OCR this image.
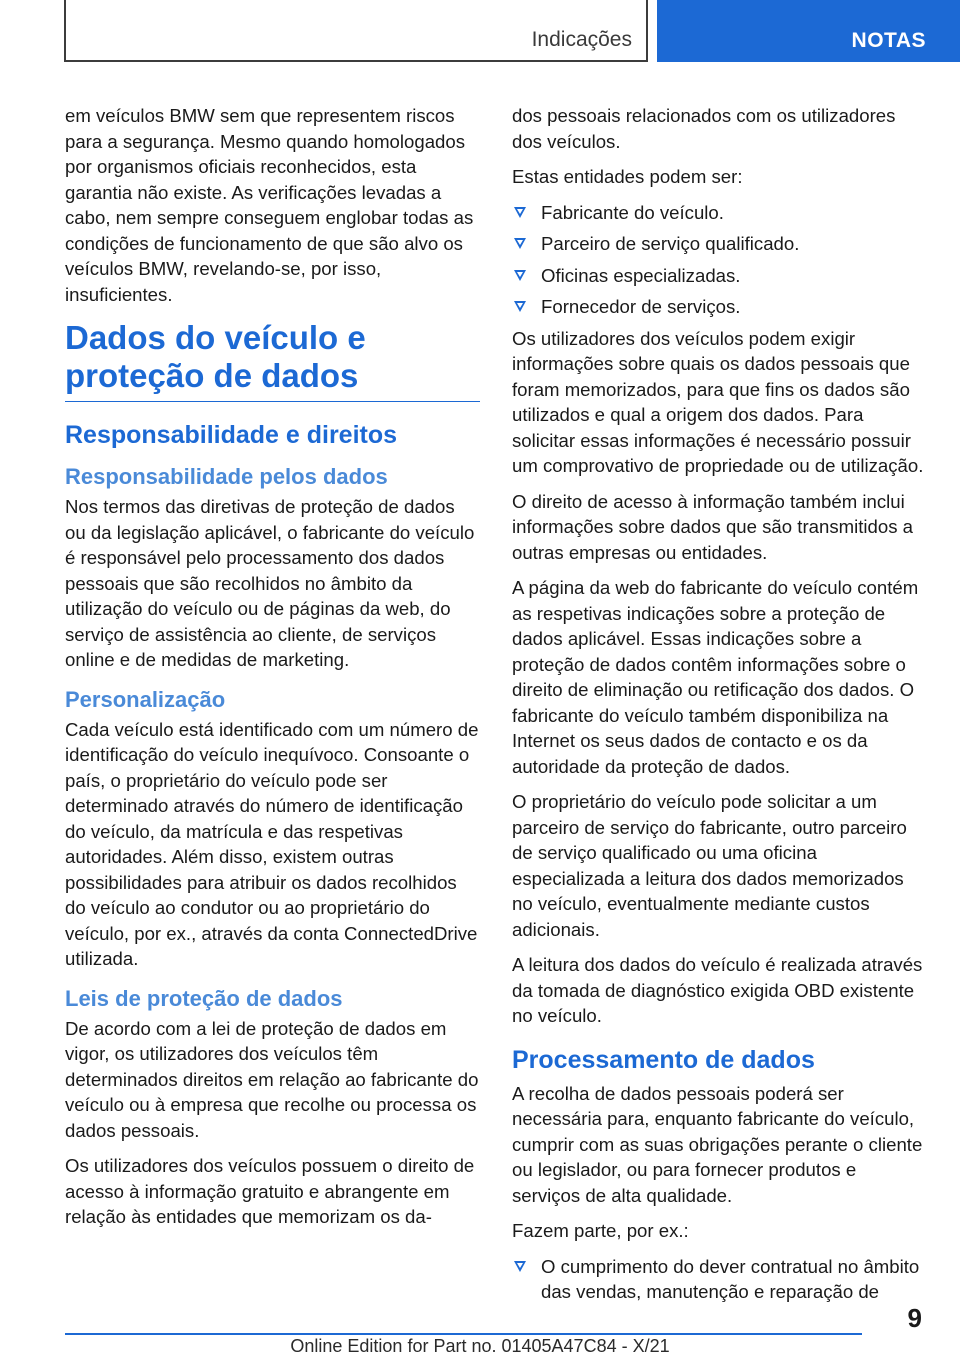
Indicações	NOTAS

em veículos BMW sem que representem riscos para a segurança. Mesmo quando homologados por organismos oficiais reconhecidos, esta garantia não existe. As verificações levadas a cabo, nem sempre conseguem englobar todas as condições de funcionamento de que são alvo os veículos BMW, revelando-se, por isso, insuficientes.

Dados do veículo e proteção de dados
Responsabilidade e direitos
Responsabilidade pelos dados

Nos termos das diretivas de proteção de dados ou da legislação aplicável, o fabricante do veículo é responsável pelo processamento dos dados pessoais que são recolhidos no âmbito da utilização do veículo ou de páginas da web, do serviço de assistência ao cliente, de serviços online e de medidas de marketing.

Personalização

Cada veículo está identificado com um número de identificação do veículo inequívoco. Consoante o país, o proprietário do veículo pode ser determinado através do número de identificação do veículo, da matrícula e das respetivas autoridades. Além disso, existem outras possibilidades para atribuir os dados recolhidos do veículo ao condutor ou ao proprietário do veículo, por ex., através da conta ConnectedDrive utilizada.

Leis de proteção de dados

De acordo com a lei de proteção de dados em vigor, os utilizadores dos veículos têm determinados direitos em relação ao fabricante do veículo ou à empresa que recolhe ou processa os dados pessoais.

Os utilizadores dos veículos possuem o direito de acesso à informação gratuito e abrangente em relação às entidades que memorizam os da-

dos pessoais relacionados com os utilizadores dos veículos.

Estas entidades podem ser:

Fabricante do veículo.
Parceiro de serviço qualificado.
Oficinas especializadas.
Fornecedor de serviços.

Os utilizadores dos veículos podem exigir informações sobre quais os dados pessoais que foram memorizados, para que fins os dados são utilizados e qual a origem dos dados. Para solicitar essas informações é necessário possuir um comprovativo de propriedade ou de utilização.

O direito de acesso à informação também inclui informações sobre dados que são transmitidos a outras empresas ou entidades.

A página da web do fabricante do veículo contém as respetivas indicações sobre a proteção de dados aplicável. Essas indicações sobre a proteção de dados contêm informações sobre o direito de eliminação ou retificação dos dados. O fabricante do veículo também disponibiliza na Internet os seus dados de contacto e os da autoridade da proteção de dados.

O proprietário do veículo pode solicitar a um parceiro de serviço do fabricante, outro parceiro de serviço qualificado ou uma oficina especializada a leitura dos dados memorizados no veículo, eventualmente mediante custos adicionais.

A leitura dos dados do veículo é realizada através da tomada de diagnóstico exigida OBD existente no veículo.

Processamento de dados

A recolha de dados pessoais poderá ser necessária para, enquanto fabricante do veículo, cumprir com as suas obrigações perante o cliente ou legislador, ou para fornecer produtos e serviços de alta qualidade.

Fazem parte, por ex.:

O cumprimento do dever contratual no âmbito das vendas, manutenção e reparação de
9
Online Edition for Part no. 01405A47C84 - X/21
